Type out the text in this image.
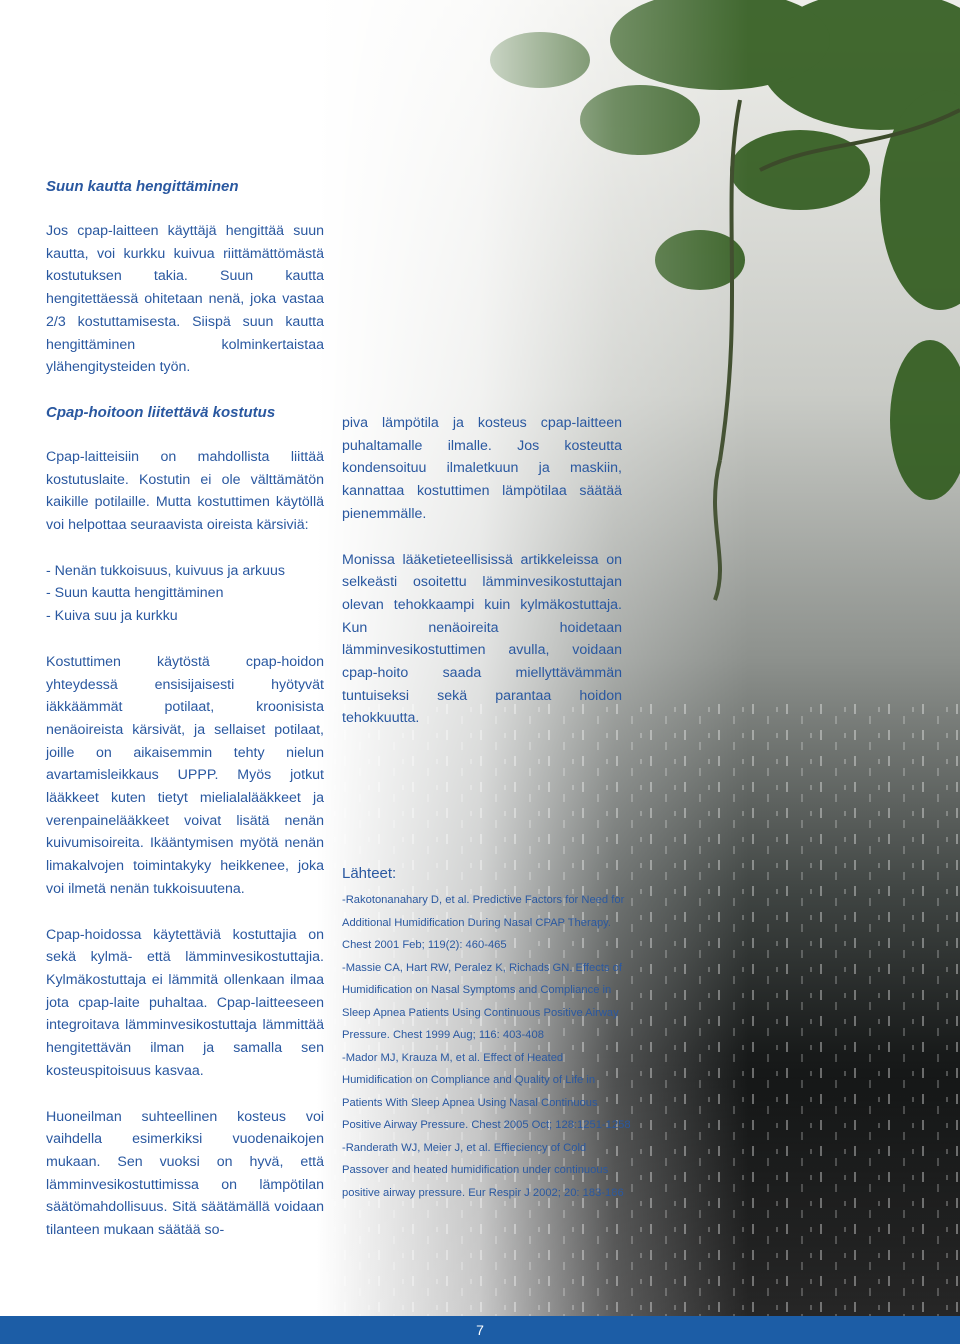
Suun kautta hengittäminen

Jos cpap-laitteen käyttäjä hengittää suun kautta, voi kurkku kuivua riittämättömästä kostutuksen takia. Suun kautta hengitettäessä ohitetaan nenä, joka vastaa 2/3 kostuttamisesta. Siispä suun kautta hengittäminen kolminkertaistaa ylähengitysteiden työn.

Cpap-hoitoon liitettävä kostutus

Cpap-laitteisiin on mahdollista liittää kostutuslaite. Kostutin ei ole välttämätön kaikille potilaille. Mutta kostuttimen käytöllä voi helpottaa seuraavista oireista kärsiviä:

- Nenän tukkoisuus, kuivuus ja arkuus

- Suun kautta hengittäminen

- Kuiva suu ja kurkku

Kostuttimen käytöstä cpap-hoidon yhteydessä ensisijaisesti hyötyvät iäkkäämmät potilaat, kroonisista nenäoireista kärsivät, ja sellaiset potilaat, joille on aikaisemmin tehty nielun avartamisleikkaus UPPP. Myös jotkut lääkkeet kuten tietyt mielialalääkkeet ja verenpainelääkkeet voivat lisätä nenän kuivumisoireita. Ikääntymisen myötä nenän limakalvojen toimintakyky heikkenee, joka voi ilmetä nenän tukkoisuutena.

Cpap-hoidossa käytettäviä kostuttajia on sekä kylmä- että lämminvesikostuttajia. Kylmäkostuttaja ei lämmitä ollenkaan ilmaa jota cpap-laite puhaltaa. Cpap-laitteeseen integroitava lämminvesikostuttaja lämmittää hengitettävän ilman ja samalla sen kosteuspitoisuus kasvaa.

Huoneilman suhteellinen kosteus voi vaihdella esimerkiksi vuodenaikojen mukaan. Sen vuoksi on hyvä, että lämminvesikostuttimissa on lämpötilan säätömahdollisuus. Sitä säätämällä voidaan tilanteen mukaan säätää so-

piva lämpötila ja kosteus cpap-laitteen puhaltamalle ilmalle. Jos kosteutta kondensoituu ilmaletkuun ja maskiin, kannattaa kostuttimen lämpötilaa säätää pienemmälle.

Monissa lääketieteellisissä artikkeleissa on selkeästi osoitettu lämminvesikostuttajan olevan tehokkaampi kuin kylmäkostuttaja. Kun nenäoireita hoidetaan lämminvesikostuttimen avulla, voidaan cpap-hoito saada miellyttävämmän tuntuiseksi sekä parantaa hoidon tehokkuutta.

Lähteet:
-Rakotonanahary D, et al. Predictive Factors for Need for Additional Humidification During Nasal CPAP Therapy. Chest 2001 Feb; 119(2): 460-465
-Massie CA, Hart RW, Peralez K, Richads GN. Effects of Humidification on Nasal Symptoms and Compliance in Sleep Apnea Patients Using Continuous Positive Airway Pressure. Chest 1999 Aug; 116: 403-408
-Mador MJ, Krauza M, et al. Effect of Heated Humidification on Compliance and Quality of Life in Patients With Sleep Apnea Using Nasal Continuous Positive Airway Pressure. Chest 2005 Oct; 128:1251-1258
-Randerath WJ, Meier J, et al. Effieciency of Cold Passover and heated humidification under continuous positive airway pressure. Eur Respir J 2002; 20: 183-186
7
